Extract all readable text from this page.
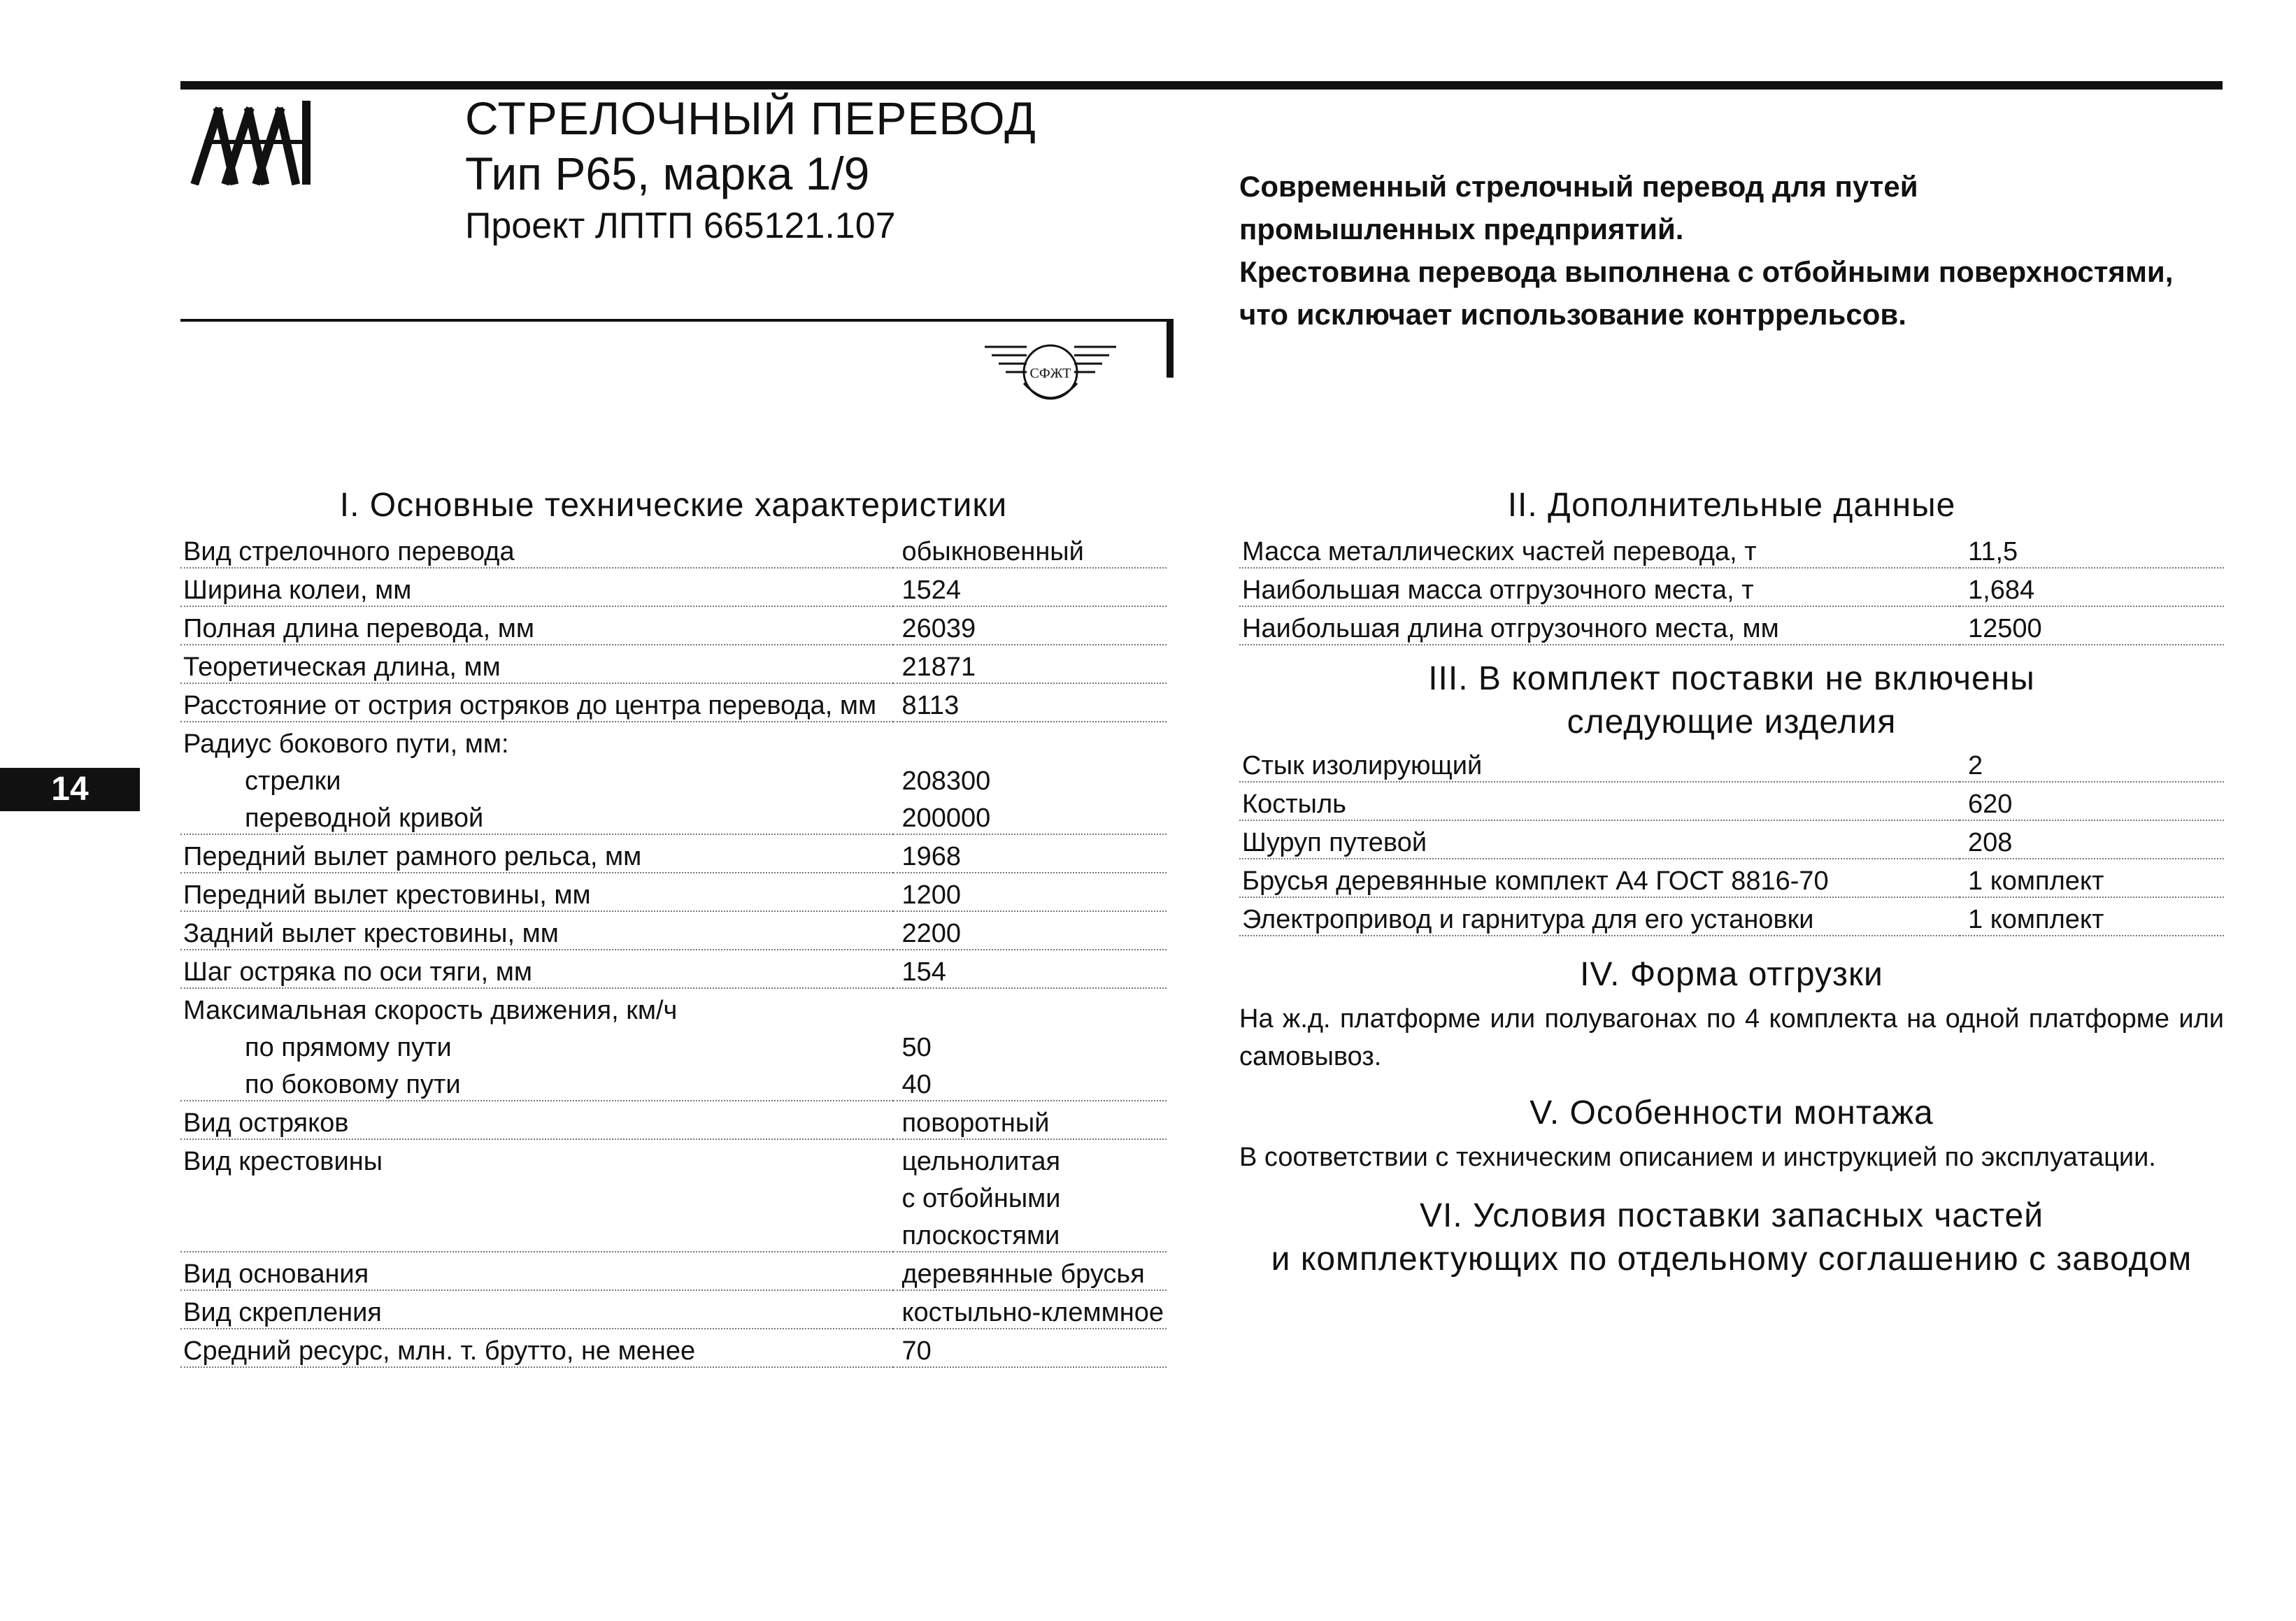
СТРЕЛОЧНЫЙ ПЕРЕВОД
Тип Р65, марка 1/9
Проект ЛПТП 665121.107
СФЖТ

Современный стрелочный перевод для путей

промышленных предприятий.

Крестовина перевода выполнена с отбойными поверхностями,

что исключает использование контррельсов.

14
I. Основные технические характеристики
Вид стрелочного перевода	обыкновенный
Ширина колеи, мм	1524
Полная длина перевода, мм	26039
Теоретическая длина, мм	21871
Расстояние от острия остряков до центра перевода, мм	8113
Радиус бокового пути, мм:	
стрелки	208300
переводной кривой	200000
Передний вылет рамного рельса, мм	1968
Передний вылет крестовины, мм	1200
Задний вылет крестовины, мм	2200
Шаг остряка по оси тяги, мм	154
Максимальная скорость движения, км/ч	
по прямому пути	50
по боковому пути	40
Вид остряков	поворотный
Вид крестовины	цельнолитая
	с отбойными
	плоскостями
Вид основания	деревянные брусья
Вид скрепления	костыльно-клеммное
Средний ресурс, млн. т. брутто, не менее	70
II. Дополнительные данные
Масса металлических частей перевода, т	11,5
Наибольшая масса отгрузочного места, т	1,684
Наибольшая длина отгрузочного места, мм	12500
III. В комплект поставки не включены
следующие изделия
Стык изолирующий	2
Костыль	620
Шуруп путевой	208
Брусья деревянные комплект А4 ГОСТ 8816-70	1 комплект
Электропривод и гарнитура для его установки	1 комплект
IV. Форма отгрузки
На ж.д. платформе или полувагонах по 4 комплекта на одной платформе или самовывоз.
V. Особенности монтажа
В соответствии с техническим описанием и инструкцией по эксплуатации.
VI. Условия поставки запасных частей
и комплектующих по отдельному соглашению с заводом
